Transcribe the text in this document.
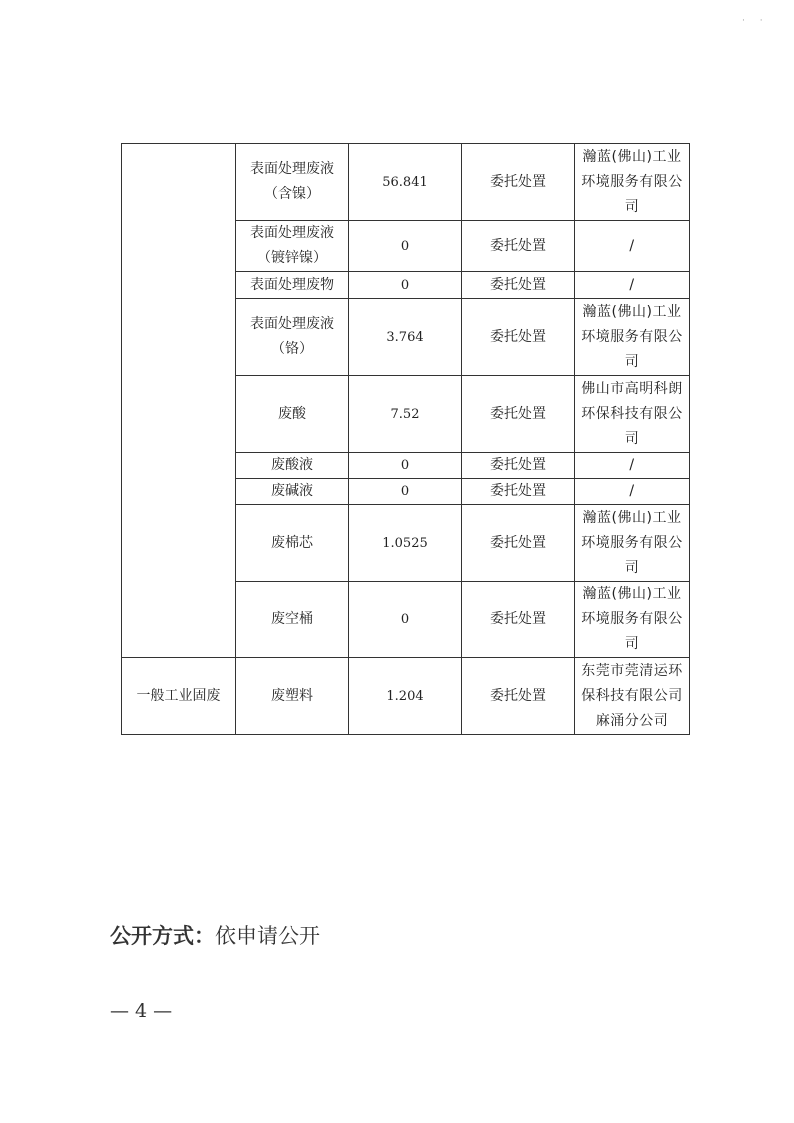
· ·
	表面处理废液（含镍）	56.841	委托处置	瀚蓝(佛山)工业环境服务有限公司
	表面处理废液（镀锌镍）	0	委托处置	/
	表面处理废物	0	委托处置	/
	表面处理废液（铬）	3.764	委托处置	瀚蓝(佛山)工业环境服务有限公司
	废酸	7.52	委托处置	佛山市高明科朗环保科技有限公司
	废酸液	0	委托处置	/
	废碱液	0	委托处置	/
	废棉芯	1.0525	委托处置	瀚蓝(佛山)工业环境服务有限公司
	废空桶	0	委托处置	瀚蓝(佛山)工业环境服务有限公司
一般工业固废	废塑料	1.204	委托处置	东莞市莞清运环保科技有限公司麻涌分公司
公开方式：依申请公开
— 4 —
